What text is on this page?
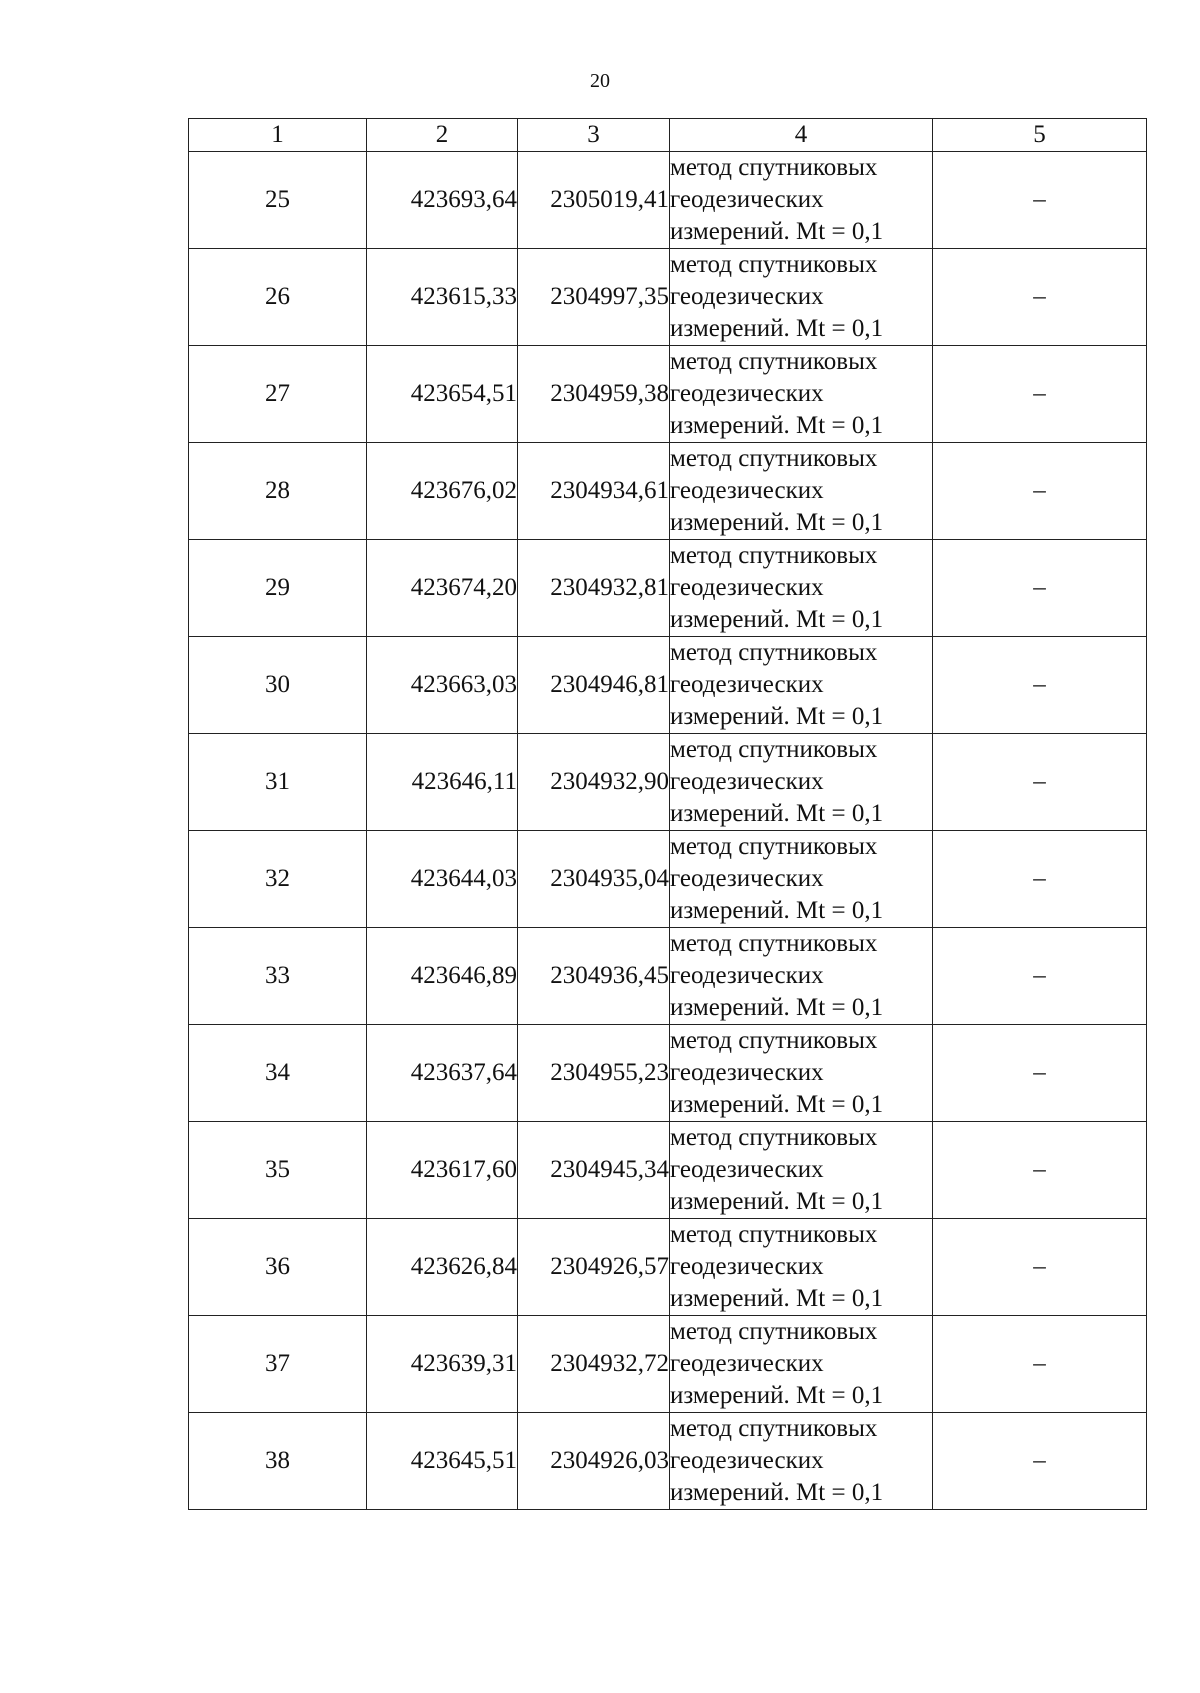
20
1	2	3	4	5
25	423693,64	2305019,41	метод спутниковых
геодезических
измерений. Mt = 0,1	–
26	423615,33	2304997,35	метод спутниковых
геодезических
измерений. Mt = 0,1	–
27	423654,51	2304959,38	метод спутниковых
геодезических
измерений. Mt = 0,1	–
28	423676,02	2304934,61	метод спутниковых
геодезических
измерений. Mt = 0,1	–
29	423674,20	2304932,81	метод спутниковых
геодезических
измерений. Mt = 0,1	–
30	423663,03	2304946,81	метод спутниковых
геодезических
измерений. Mt = 0,1	–
31	423646,11	2304932,90	метод спутниковых
геодезических
измерений. Mt = 0,1	–
32	423644,03	2304935,04	метод спутниковых
геодезических
измерений. Mt = 0,1	–
33	423646,89	2304936,45	метод спутниковых
геодезических
измерений. Mt = 0,1	–
34	423637,64	2304955,23	метод спутниковых
геодезических
измерений. Mt = 0,1	–
35	423617,60	2304945,34	метод спутниковых
геодезических
измерений. Mt = 0,1	–
36	423626,84	2304926,57	метод спутниковых
геодезических
измерений. Mt = 0,1	–
37	423639,31	2304932,72	метод спутниковых
геодезических
измерений. Mt = 0,1	–
38	423645,51	2304926,03	метод спутниковых
геодезических
измерений. Mt = 0,1	–
